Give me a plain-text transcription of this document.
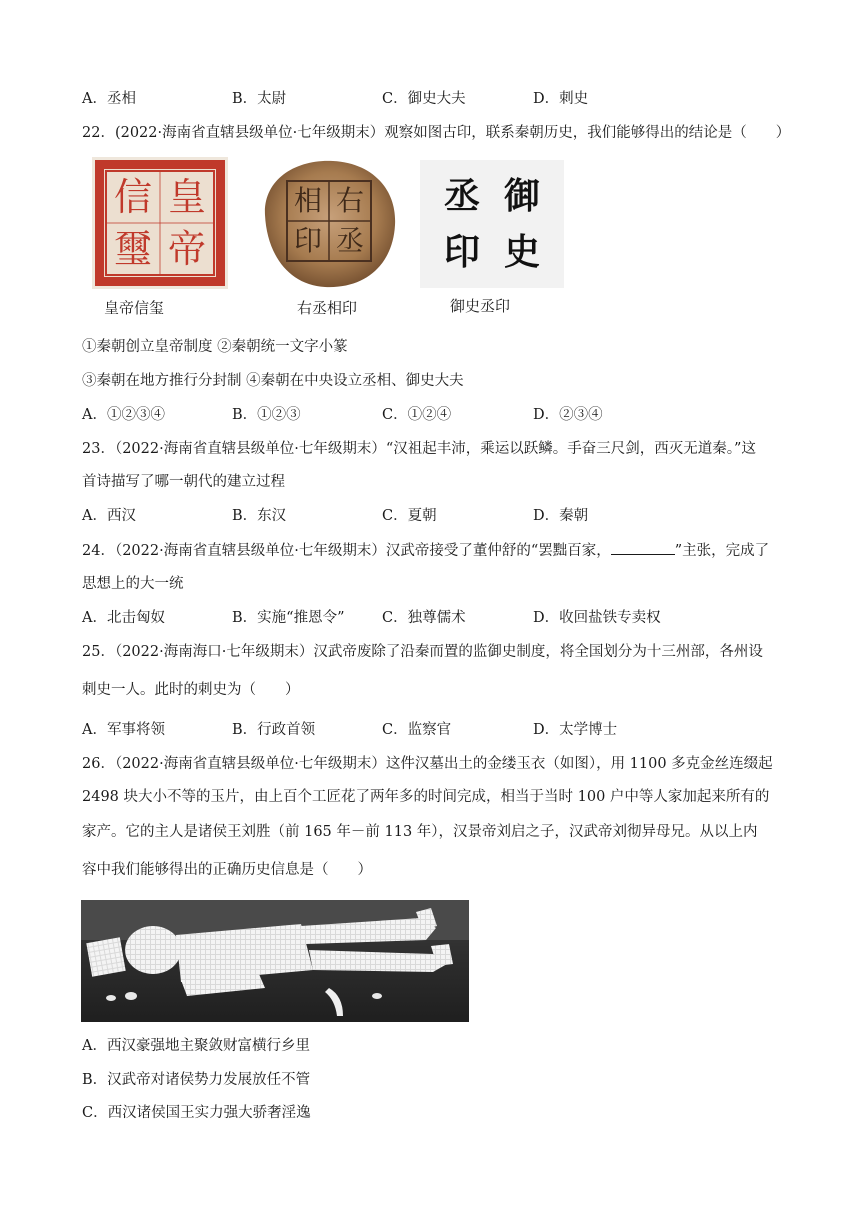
A．丞相	B．太尉	C．御史大夫	D．刺史
22．(2022·海南省直辖县级单位·七年级期末）观察如图古印，联系秦朝历史，我们能够得出的结论是（　　）
皇
帝
信
璽
皇帝信玺
右
丞
相
印
右丞相印
御
史
丞
印
御史丞印
①秦朝创立皇帝制度 ②秦朝统一文字小篆
③秦朝在地方推行分封制 ④秦朝在中央设立丞相、御史大夫
A．①②③④	B．①②③	C．①②④	D．②③④
23．（2022·海南省直辖县级单位·七年级期末）“汉祖起丰沛，乘运以跃鳞。手奋三尺剑，西灭无道秦。”这
首诗描写了哪一朝代的建立过程
A．西汉	B．东汉	C．夏朝	D．秦朝
24．（2022·海南省直辖县级单位·七年级期末）汉武帝接受了董仲舒的“罢黜百家，	”主张，完成了
思想上的大一统
A．北击匈奴	B．实施“推恩令”	C．独尊儒术	D．收回盐铁专卖权
25．（2022·海南海口·七年级期末）汉武帝废除了沿秦而置的监御史制度，将全国划分为十三州部，各州设
刺史一人。此时的刺史为（　　）
A．军事将领	B．行政首领	C．监察官	D．太学博士
26．（2022·海南省直辖县级单位·七年级期末）这件汉墓出土的金缕玉衣（如图），用 1100 多克金丝连缀起
2498 块大小不等的玉片，由上百个工匠花了两年多的时间完成，相当于当时 100 户中等人家加起来所有的
家产。它的主人是诸侯王刘胜（前 165 年－前 113 年），汉景帝刘启之子，汉武帝刘彻异母兄。从以上内
容中我们能够得出的正确历史信息是（　　）
A．西汉豪强地主聚敛财富横行乡里
B．汉武帝对诸侯势力发展放任不管
C．西汉诸侯国王实力强大骄奢淫逸
